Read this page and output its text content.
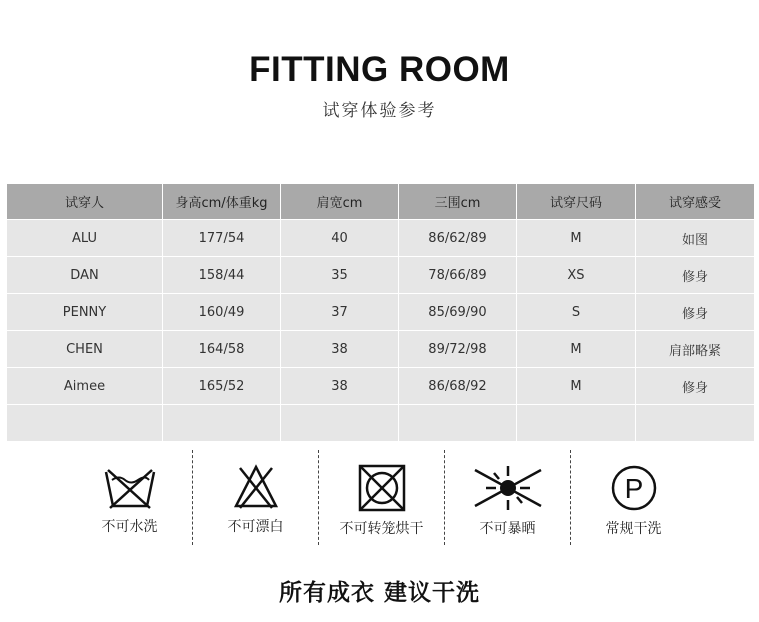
FITTING ROOM
试穿体验参考
试穿人	身高cm/体重kg	肩宽cm	三围cm	试穿尺码	试穿感受
ALU	177/54	40	86/62/89	M	如图
DAN	158/44	35	78/66/89	XS	修身
PENNY	160/49	37	85/69/90	S	修身
CHEN	164/58	38	89/72/98	M	肩部略紧
Aimee	165/52	38	86/68/92	M	修身

不可水洗	不可漂白	不可转笼烘干	不可暴晒
P
常规干洗
所有成衣 建议干洗
